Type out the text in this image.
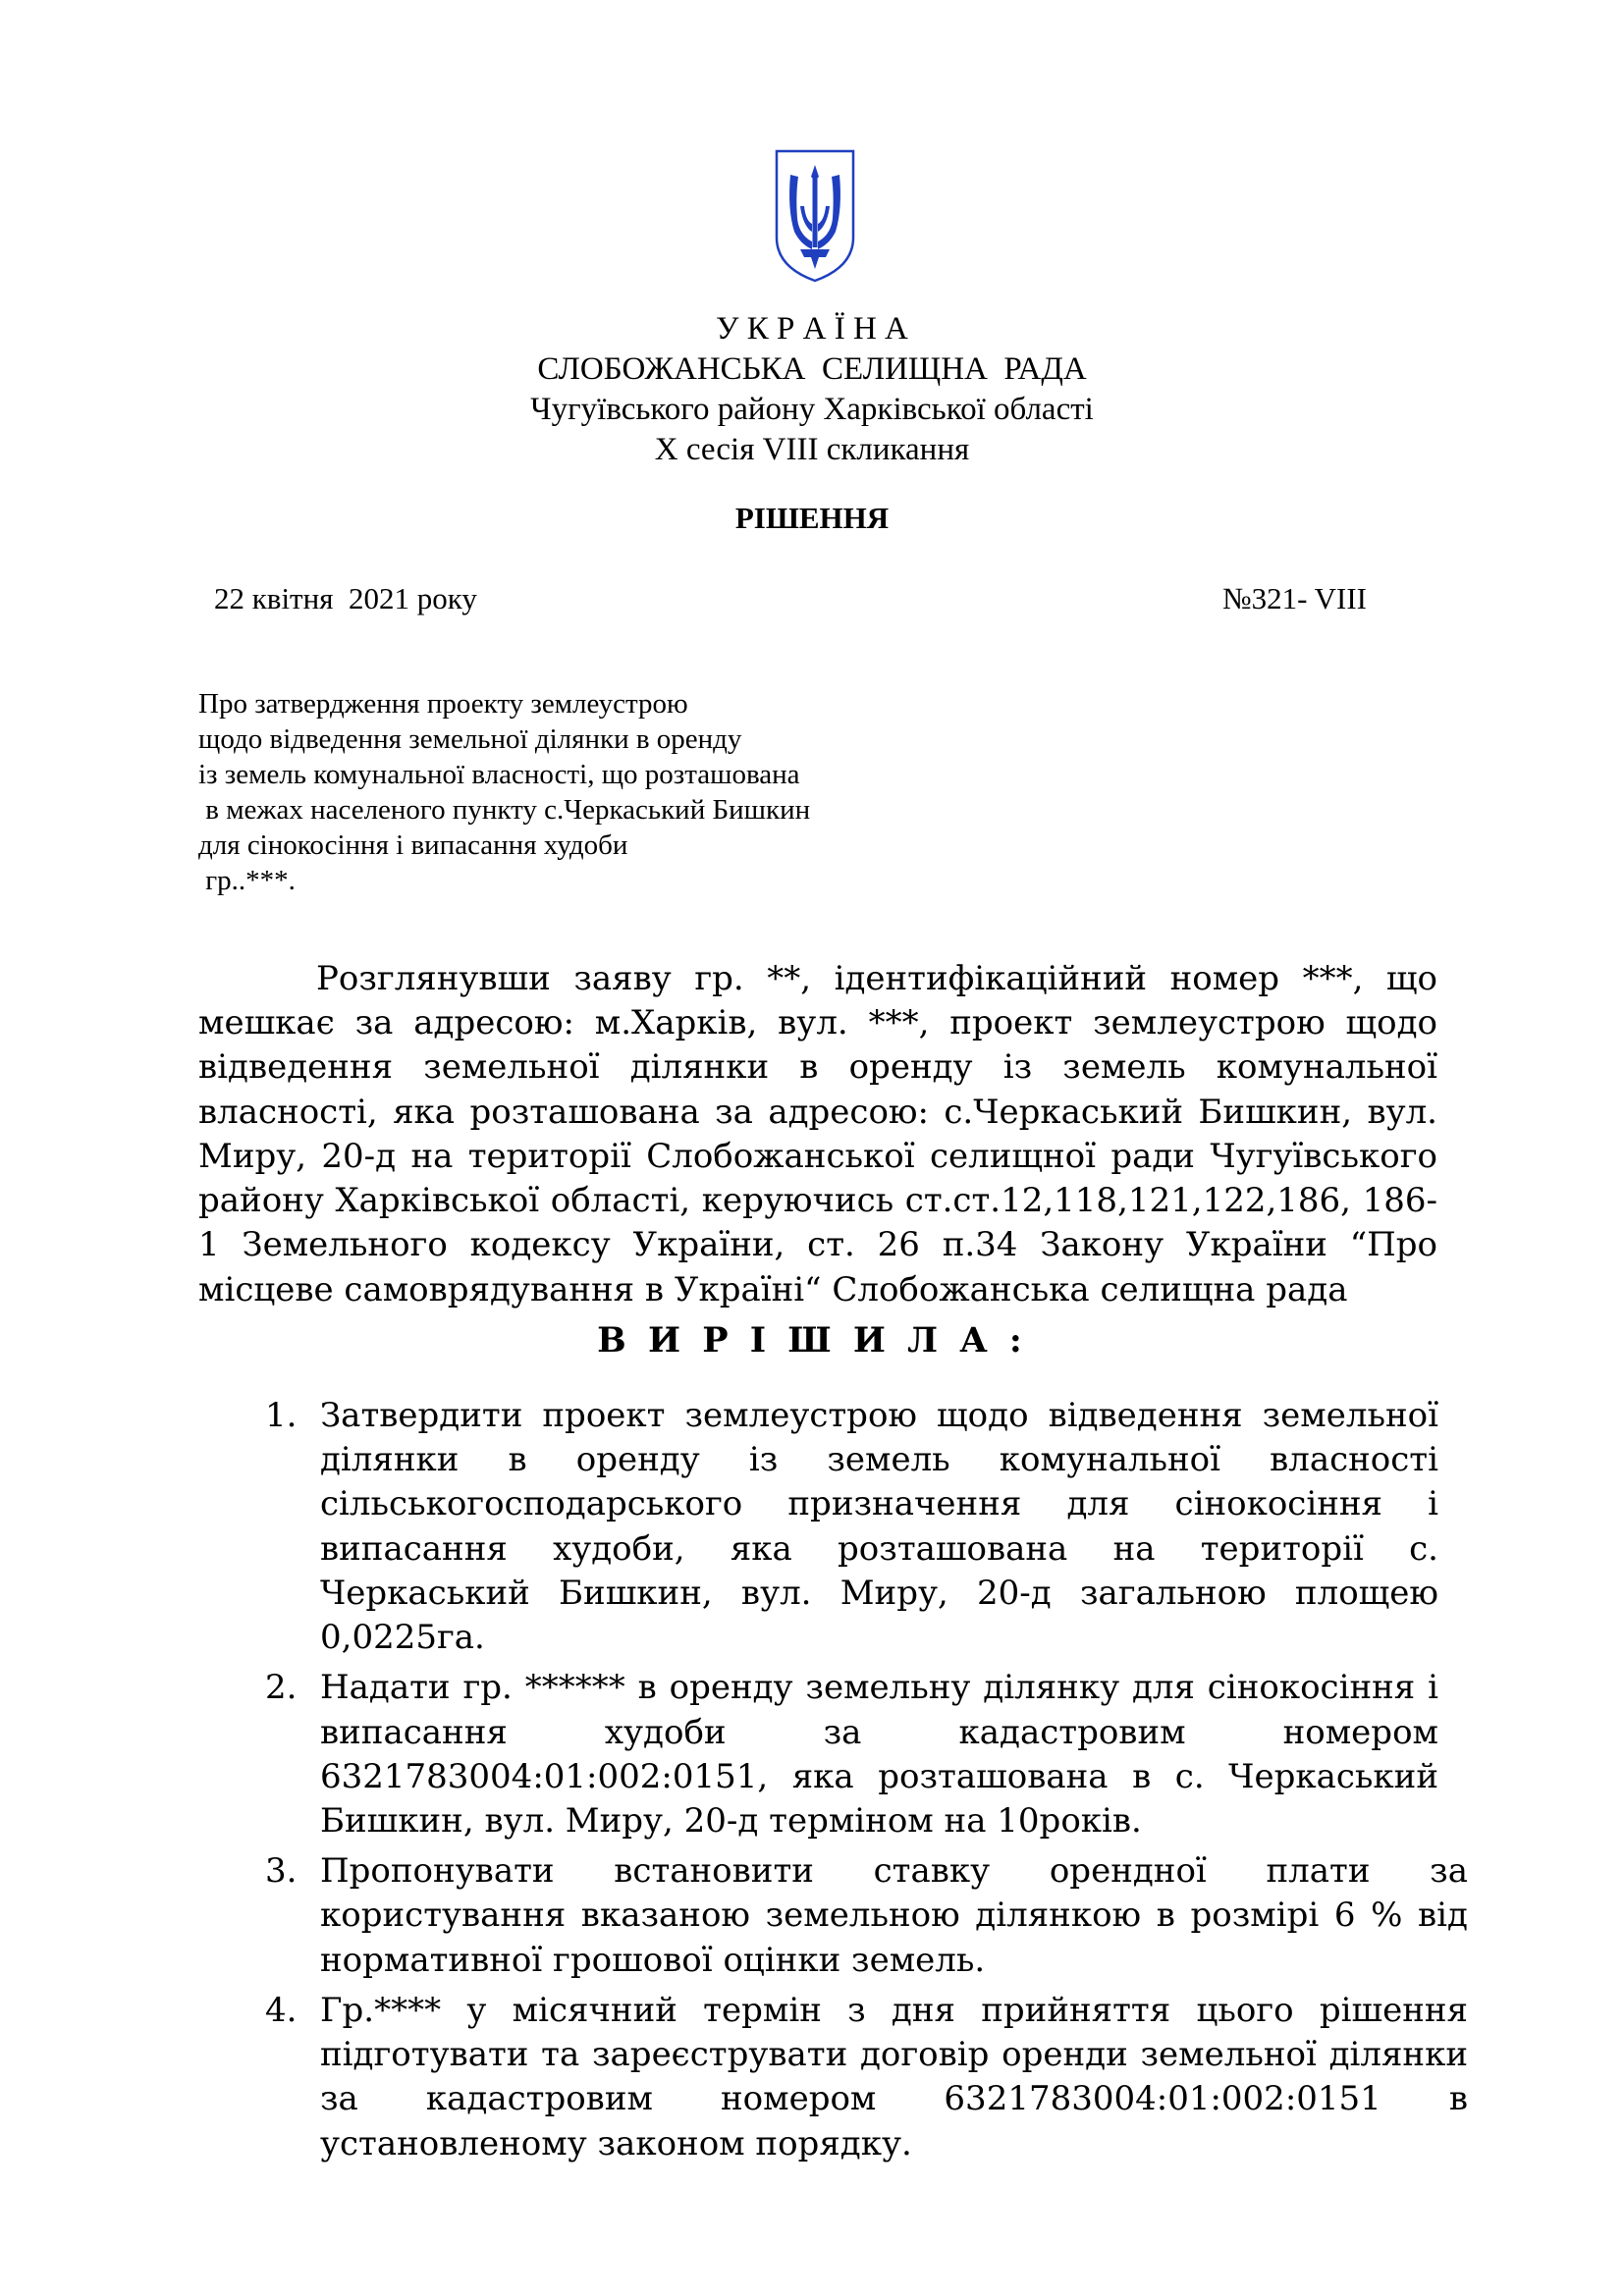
У К Р А Ї Н А
СЛОБОЖАНСЬКА  СЕЛИЩНА  РАДА
Чугуївського району Харківської області
X сесія VIII скликання
РІШЕННЯ
22 квітня  2021 року	№321- VIII
Про затвердження проекту землеустрою
щодо відведення земельної ділянки в оренду
із земель комунальної власності, що розташована
в межах населеного пункту с.Черкаський Бишкин
для сінокосіння і випасання худоби
гр..***.
Розглянувши заяву гр. **, ідентифікаційний номер ***, що мешкає за адресою: м.Харків, вул. ***, проект землеустрою щодо відведення земельної ділянки в оренду із земель комунальної власності, яка розташована за адресою: с.Черкаський Бишкин, вул. Миру, 20-д на території Слобожанської селищної ради Чугуївського району Харківської області, керуючись ст.ст.12,118,121,122,186, 186-1 Земельного кодексу України, ст. 26 п.34 Закону України “Про місцеве самоврядування в Україні“ Слобожанська селищна рада
В И Р І Ш И Л А :
1. Затвердити проект землеустрою щодо відведення земельної ділянки в оренду із земель комунальної власності сільськогосподарського призначення для сінокосіння і випасання худоби, яка розташована на території с. Черкаський Бишкин, вул. Миру, 20-д загальною площею 0,0225га.
2. Надати гр. ****** в оренду земельну ділянку для сінокосіння і випасання худоби за кадастровим номером 6321783004:01:002:0151, яка розташована в с. Черкаський Бишкин, вул. Миру, 20-д терміном на 10років.
3. Пропонувати встановити ставку орендної плати за користування вказаною земельною ділянкою в розмірі 6 % від нормативної грошової оцінки земель.
4. Гр.**** у місячний термін з дня прийняття цього рішення підготувати та зареєструвати договір оренди земельної ділянки за кадастровим номером 6321783004:01:002:0151 в установленому законом порядку.
